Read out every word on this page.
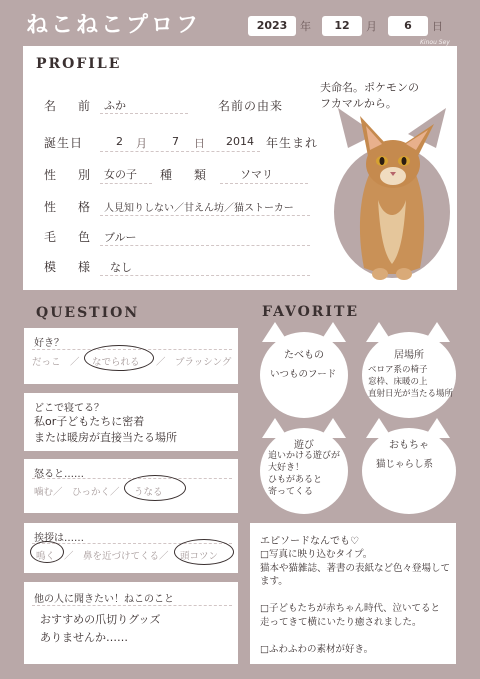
ねこねこプロフ	2023	年	12	月	6	日
Kinou Sey
PROFILE
名　前 ふか	名前の由来
夫命名。ポケモンの
フカマルから。
誕生日	2 月 7 日 2014 年生まれ
性　別 女の子 種　類	ソマリ
性　格 人見知りしない／甘えん坊／猫ストーカー
毛　色 ブルー
模　様 なし
QUESTION
好き？
だっこ　／ なでられる ／　ブラッシング
どこで寝てる？
私or子どもたちに密着
または暖房が直接当たる場所
怒ると……
噛む／ ひっかく／ うなる
挨拶は……
鳴く ／　鼻を近づけてくる／ 頭コツン
他の人に聞きたい！ねこのこと
おすすめの爪切りグッズ
ありませんか……
FAVORITE
たべもの
いつものフード
居場所
ベロア系の椅子
窓枠、床暖の上
直射日光が当たる場所
遊び
追いかける遊びが
大好き！
ひもがあると
寄ってくる
おもちゃ
猫じゃらし系
エピソードなんでも♡
□写真に映り込むタイプ。
猫本や猫雑誌、著書の表紙など色々登場して
ます。
□子どもたちが赤ちゃん時代、泣いてると
走ってきて横にいたり癒されました。
□ふわふわの素材が好き。
